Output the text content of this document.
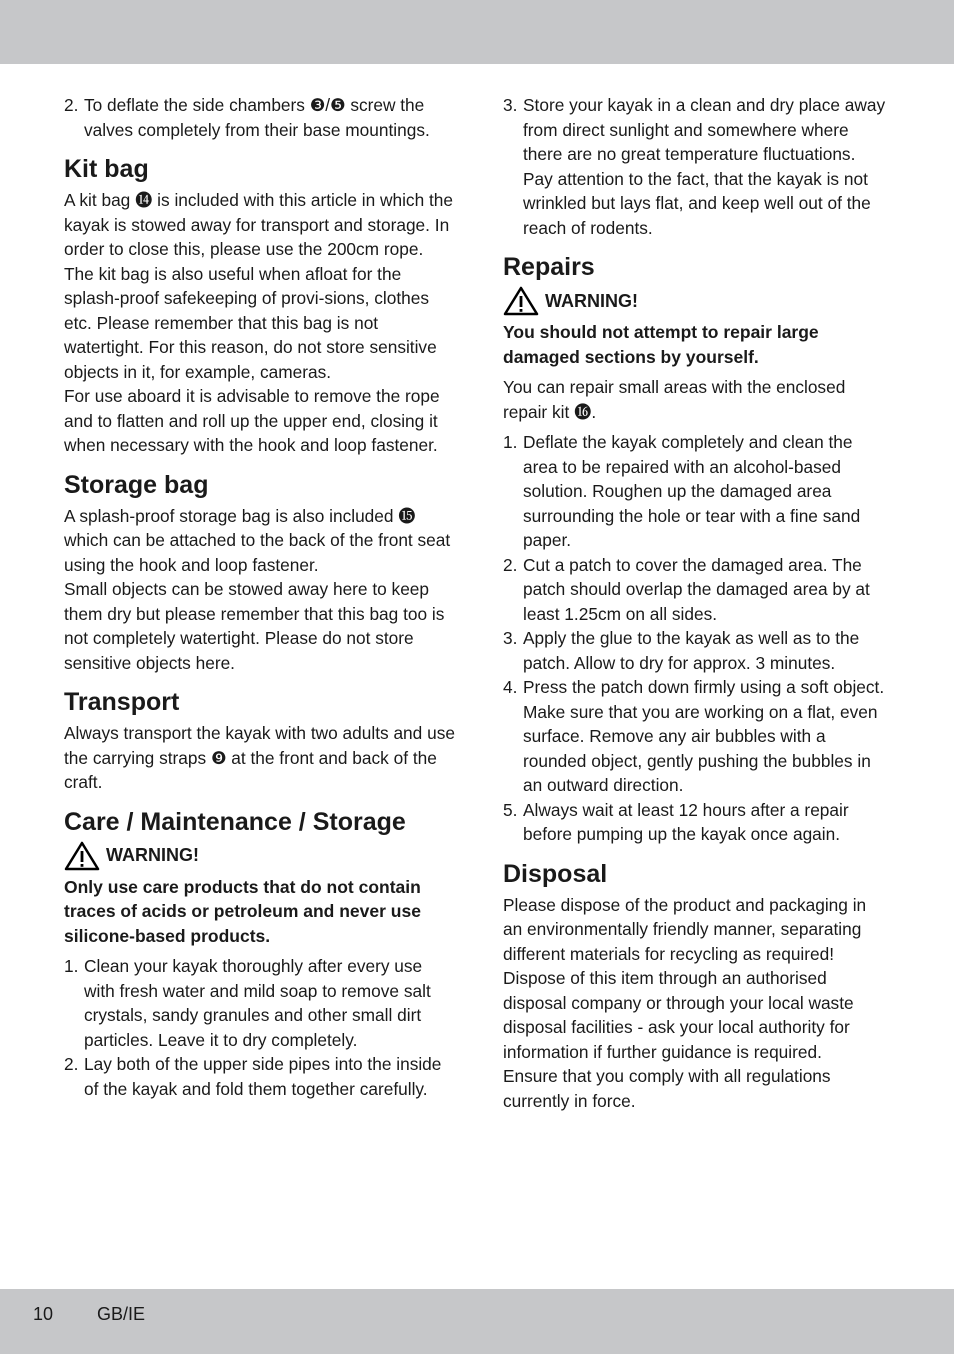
2. To deflate the side chambers ❸/❺ screw the valves completely from their base mountings.
Kit bag

A kit bag ⓮ is included with this article in which the kayak is stowed away for transport and storage. In order to close this, please use the 200cm rope. The kit bag is also useful when afloat for the splash-proof safekeeping of provi-sions, clothes etc. Please remember that this bag is not watertight. For this reason, do not store sensitive objects in it, for example, cameras.

For use aboard it is advisable to remove the rope and to flatten and roll up the upper end, closing it when necessary with the hook and loop fastener.

Storage bag

A splash-proof storage bag is also included ⓯ which can be attached to the back of the front seat using the hook and loop fastener.

Small objects can be stowed away here to keep them dry but please remember that this bag too is not completely watertight. Please do not store sensitive objects here.

Transport

Always transport the kayak with two adults and use the carrying straps ❾ at the front and back of the craft.

Care / Maintenance / Storage
WARNING!

Only use care products that do not contain traces of acids or petroleum and never use silicone-based products.

1. Clean your kayak thoroughly after every use with fresh water and mild soap to remove salt crystals, sandy granules and other small dirt particles. Leave it to dry completely.
2. Lay both of the upper side pipes into the inside of the kayak and fold them together carefully.
3. Store your kayak in a clean and dry place away from direct sunlight and somewhere where there are no great temperature fluctuations. Pay attention to the fact, that the kayak is not wrinkled but lays flat, and keep well out of the reach of rodents.
Repairs
WARNING!

You should not attempt to repair large damaged sections by yourself.

You can repair small areas with the enclosed repair kit ⓰.

1. Deflate the kayak completely and clean the area to be repaired with an alcohol-based solution. Roughen up the damaged area surrounding the hole or tear with a fine sand paper.
2. Cut a patch to cover the damaged area. The patch should overlap the damaged area by at least 1.25cm on all sides.
3. Apply the glue to the kayak as well as to the patch. Allow to dry for approx. 3 minutes.
4. Press the patch down firmly using a soft object. Make sure that you are working on a flat, even surface. Remove any air bubbles with a rounded object, gently pushing the bubbles in an outward direction.
5. Always wait at least 12 hours after a repair before pumping up the kayak once again.
Disposal

Please dispose of the product and packaging in an environmentally friendly manner, separating different materials for recycling as required! Dispose of this item through an authorised disposal company or through your local waste disposal facilities - ask your local authority for information if further guidance is required.

Ensure that you comply with all regulations currently in force.

10 GB/IE
